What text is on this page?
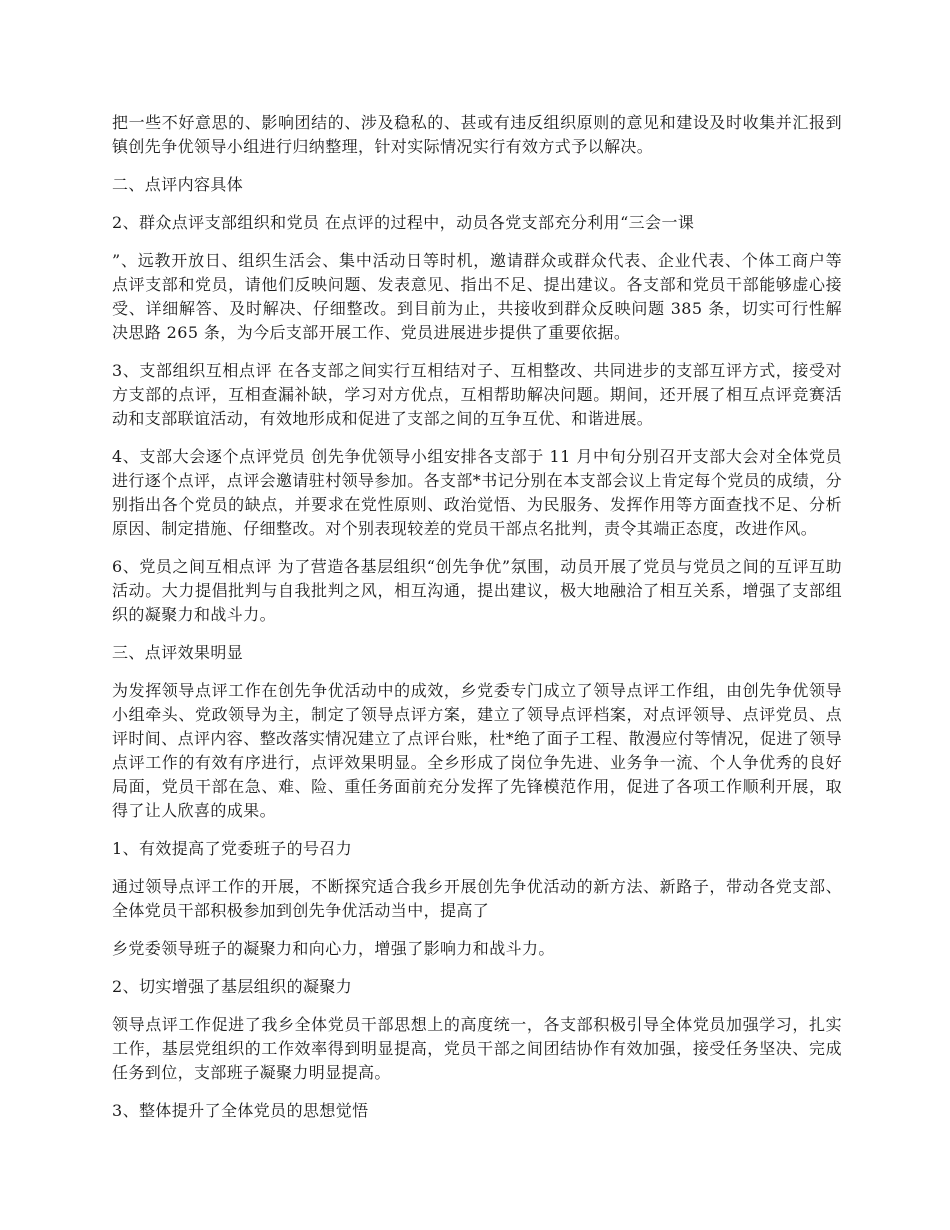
把一些不好意思的、影响团结的、涉及稳私的、甚或有违反组织原则的意见和建设及时收集并汇报到镇创先争优领导小组进行归纳整理，针对实际情况实行有效方式予以解决。

二、点评内容具体

2、群众点评支部组织和党员 在点评的过程中，动员各党支部充分利用“三会一课

”、远教开放日、组织生活会、集中活动日等时机，邀请群众或群众代表、企业代表、个体工商户等点评支部和党员，请他们反映问题、发表意见、指出不足、提出建议。各支部和党员干部能够虚心接受、详细解答、及时解决、仔细整改。到目前为止，共接收到群众反映问题 385 条，切实可行性解决思路 265 条，为今后支部开展工作、党员进展进步提供了重要依据。

3、支部组织互相点评 在各支部之间实行互相结对子、互相整改、共同进步的支部互评方式，接受对方支部的点评，互相查漏补缺，学习对方优点，互相帮助解决问题。期间，还开展了相互点评竞赛活动和支部联谊活动，有效地形成和促进了支部之间的互争互优、和谐进展。

4、支部大会逐个点评党员 创先争优领导小组安排各支部于 11 月中旬分别召开支部大会对全体党员进行逐个点评，点评会邀请驻村领导参加。各支部*书记分别在本支部会议上肯定每个党员的成绩，分别指出各个党员的缺点，并要求在党性原则、政治觉悟、为民服务、发挥作用等方面查找不足、分析原因、制定措施、仔细整改。对个别表现较差的党员干部点名批判，责令其端正态度，改进作风。

6、党员之间互相点评 为了营造各基层组织“创先争优”氛围，动员开展了党员与党员之间的互评互助活动。大力提倡批判与自我批判之风，相互沟通，提出建议，极大地融洽了相互关系，增强了支部组织的凝聚力和战斗力。

三、点评效果明显

为发挥领导点评工作在创先争优活动中的成效，乡党委专门成立了领导点评工作组，由创先争优领导小组牵头、党政领导为主，制定了领导点评方案，建立了领导点评档案，对点评领导、点评党员、点评时间、点评内容、整改落实情况建立了点评台账，杜*绝了面子工程、散漫应付等情况，促进了领导点评工作的有效有序进行，点评效果明显。全乡形成了岗位争先进、业务争一流、个人争优秀的良好局面，党员干部在急、难、险、重任务面前充分发挥了先锋模范作用，促进了各项工作顺利开展，取得了让人欣喜的成果。

1、有效提高了党委班子的号召力

通过领导点评工作的开展，不断探究适合我乡开展创先争优活动的新方法、新路子，带动各党支部、全体党员干部积极参加到创先争优活动当中，提高了

乡党委领导班子的凝聚力和向心力，增强了影响力和战斗力。

2、切实增强了基层组织的凝聚力

领导点评工作促进了我乡全体党员干部思想上的高度统一，各支部积极引导全体党员加强学习，扎实工作，基层党组织的工作效率得到明显提高，党员干部之间团结协作有效加强，接受任务坚决、完成任务到位，支部班子凝聚力明显提高。

3、整体提升了全体党员的思想觉悟
